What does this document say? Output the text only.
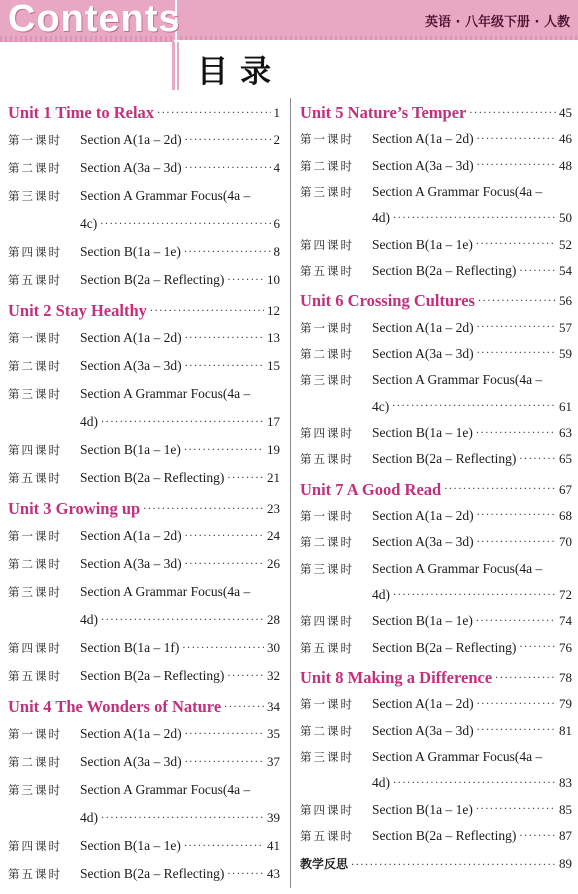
Contents	英语 · 八年级下册 · 人教
目录
Unit 1 Time to Relax ·····	1
第一课时	Section A(1a – 2d) ·····	2
第二课时	Section A(3a – 3d) ·····	4
第三课时	Section A Grammar Focus(4a –
4c) ·····	6
第四课时	Section B(1a – 1e) ·····	8
第五课时	Section B(2a – Reflecting) ·····	10
Unit 2 Stay Healthy ·····	12
第一课时	Section A(1a – 2d) ·····	13
第二课时	Section A(3a – 3d) ·····	15
第三课时	Section A Grammar Focus(4a –
4d) ·····	17
第四课时	Section B(1a – 1e) ·····	19
第五课时	Section B(2a – Reflecting) ·····	21
Unit 3 Growing up ·····	23
第一课时	Section A(1a – 2d) ·····	24
第二课时	Section A(3a – 3d) ·····	26
第三课时	Section A Grammar Focus(4a –
4d) ·····	28
第四课时	Section B(1a – 1f) ·····	30
第五课时	Section B(2a – Reflecting) ·····	32
Unit 4 The Wonders of Nature ·····	34
第一课时	Section A(1a – 2d) ·····	35
第二课时	Section A(3a – 3d) ·····	37
第三课时	Section A Grammar Focus(4a –
4d) ·····	39
第四课时	Section B(1a – 1e) ·····	41
第五课时	Section B(2a – Reflecting) ·····	43
Unit 5 Nature’s Temper ·····	45
第一课时	Section A(1a – 2d) ·····	46
第二课时	Section A(3a – 3d) ·····	48
第三课时	Section A Grammar Focus(4a –
4d) ·····	50
第四课时	Section B(1a – 1e) ·····	52
第五课时	Section B(2a – Reflecting) ·····	54
Unit 6 Crossing Cultures ·····	56
第一课时	Section A(1a – 2d) ·····	57
第二课时	Section A(3a – 3d) ·····	59
第三课时	Section A Grammar Focus(4a –
4c) ·····	61
第四课时	Section B(1a – 1e) ·····	63
第五课时	Section B(2a – Reflecting) ·····	65
Unit 7 A Good Read ·····	67
第一课时	Section A(1a – 2d) ·····	68
第二课时	Section A(3a – 3d) ·····	70
第三课时	Section A Grammar Focus(4a –
4d) ·····	72
第四课时	Section B(1a – 1e) ·····	74
第五课时	Section B(2a – Reflecting) ·····	76
Unit 8 Making a Difference ·····	78
第一课时	Section A(1a – 2d) ·····	79
第二课时	Section A(3a – 3d) ·····	81
第三课时	Section A Grammar Focus(4a –
4d) ·····	83
第四课时	Section B(1a – 1e) ·····	85
第五课时	Section B(2a – Reflecting) ·····	87
教学反思 ·····	89
